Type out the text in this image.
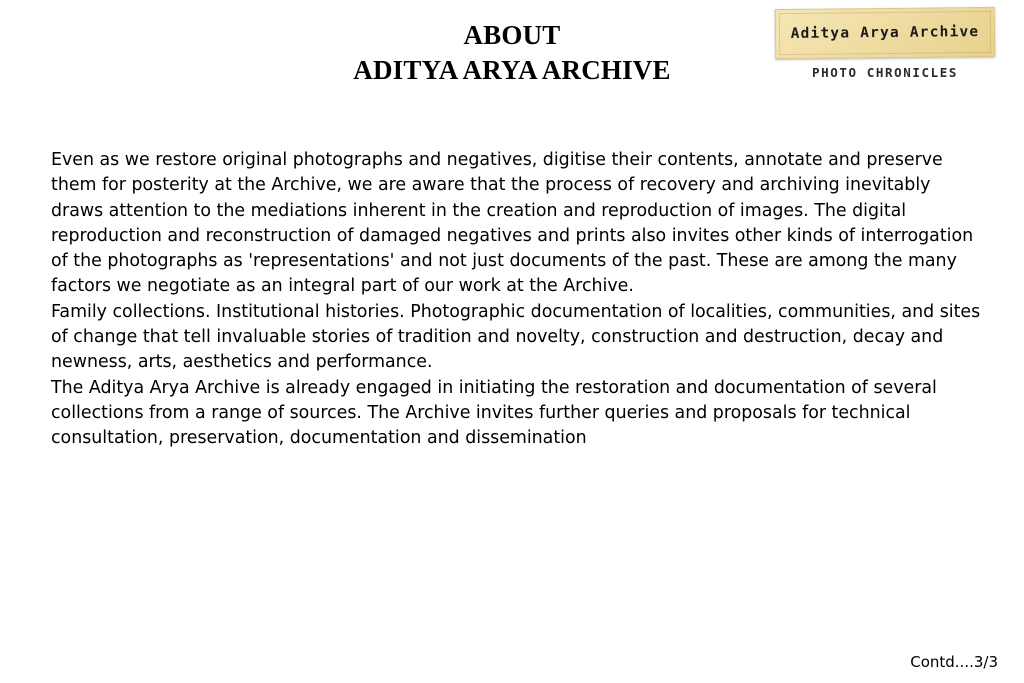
ABOUT
ADITYA ARYA ARCHIVE
Aditya Arya Archive
PHOTO CHRONICLES

Even as we restore original photographs and negatives, digitise their contents, annotate and preserve them for posterity at the Archive, we are aware that the process of recovery and archiving inevitably draws attention to the mediations inherent in the creation and reproduction of images. The digital reproduction and reconstruction of damaged negatives and prints also invites other kinds of interrogation of the photographs as 'representations' and not just documents of the past. These are among the many factors we negotiate as an integral part of our work at the Archive.

Family collections. Institutional histories. Photographic documentation of localities, communities, and sites of change that tell invaluable stories of tradition and novelty, construction and destruction, decay and newness, arts, aesthetics and performance.

The Aditya Arya Archive is already engaged in initiating the restoration and documentation of several collections from a range of sources. The Archive invites further queries and proposals for technical consultation, preservation, documentation and dissemination

Contd....3/3
